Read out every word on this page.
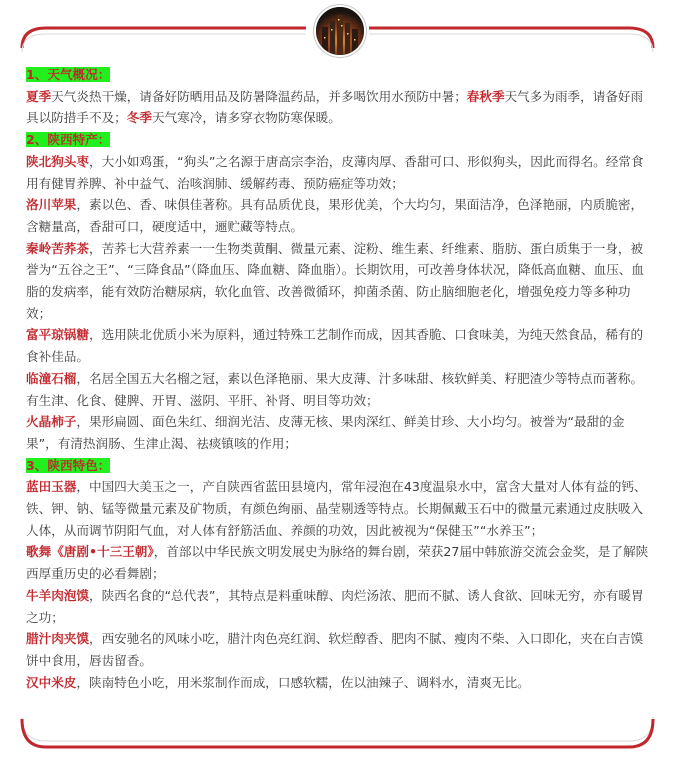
1、天气概况：

夏季天气炎热干燥，请备好防晒用品及防暑降温药品，并多喝饮用水预防中暑；春秋季天气多为雨季，请备好雨具以防措手不及；冬季天气寒冷，请多穿衣物防寒保暖。

2、陕西特产：

陕北狗头枣，大小如鸡蛋，“狗头”之名源于唐高宗李治，皮薄肉厚、香甜可口、形似狗头，因此而得名。经常食用有健胃养脾、补中益气、治咳润肺、缓解药毒、预防癌症等功效；

洛川苹果，素以色、香、味俱佳著称。具有品质优良，果形优美，个大均匀，果面洁净，色泽艳丽，内质脆密，含糖量高，香甜可口，硬度适中，逦贮藏等特点。

秦岭苦荞茶，苦荞七大营养素一一生物类黄酮、微量元素、淀粉、维生素、纤维素、脂肪、蛋白质集于一身，被誉为“五谷之王”、“三降食品”（降血压、降血糖、降血脂）。长期饮用，可改善身体状况，降低高血糖、血压、血脂的发病率，能有效防治糖尿病，软化血管、改善微循环，抑菌杀菌、防止脑细胞老化，增强免疫力等多种功效；

富平琼锅糖，选用陕北优质小米为原料，通过特殊工艺制作而成，因其香脆、口食味美，为纯天然食品，稀有的食补佳品。

临潼石榴，名居全国五大名榴之冠，素以色泽艳丽、果大皮薄、汁多味甜、核软鲜美、籽肥渣少等特点而著称。有生津、化食、健脾、开胃、滋阴、平肝、补肾、明目等功效；

火晶柿子，果形扁圆、面色朱红、细润光洁、皮薄无核、果肉深红、鲜美甘珍、大小均匀。被誉为“最甜的金果”，有清热润肠、生津止渴、祛痰镇咳的作用；

3、陕西特色：

蓝田玉器，中国四大美玉之一，产自陕西省蓝田县境内，常年浸泡在43度温泉水中，富含大量对人体有益的钙、铁、钾、钠、锰等微量元素及矿物质，有颜色绚丽、晶莹剔透等特点。长期佩戴玉石中的微量元素通过皮肤吸入人体，从而调节阴阳气血，对人体有舒筋活血、养颜的功效，因此被视为“保健玉”“水养玉”；

歌舞《唐剧•十三王朝》，首部以中华民族文明发展史为脉络的舞台剧，荣获27届中韩旅游交流会金奖，是了解陕西厚重历史的必看舞剧；

牛羊肉泡馍，陕西名食的“总代表”，其特点是料重味醇、肉烂汤浓、肥而不腻、诱人食欲、回味无穷，亦有暖胃之功；

腊汁肉夹馍，西安驰名的风味小吃，腊汁肉色亮红润、软烂醇香、肥肉不腻、瘦肉不柴、入口即化，夹在白吉馍饼中食用，唇齿留香。

汉中米皮，陕南特色小吃，用米浆制作而成，口感软糯，佐以油辣子、调料水，清爽无比。
